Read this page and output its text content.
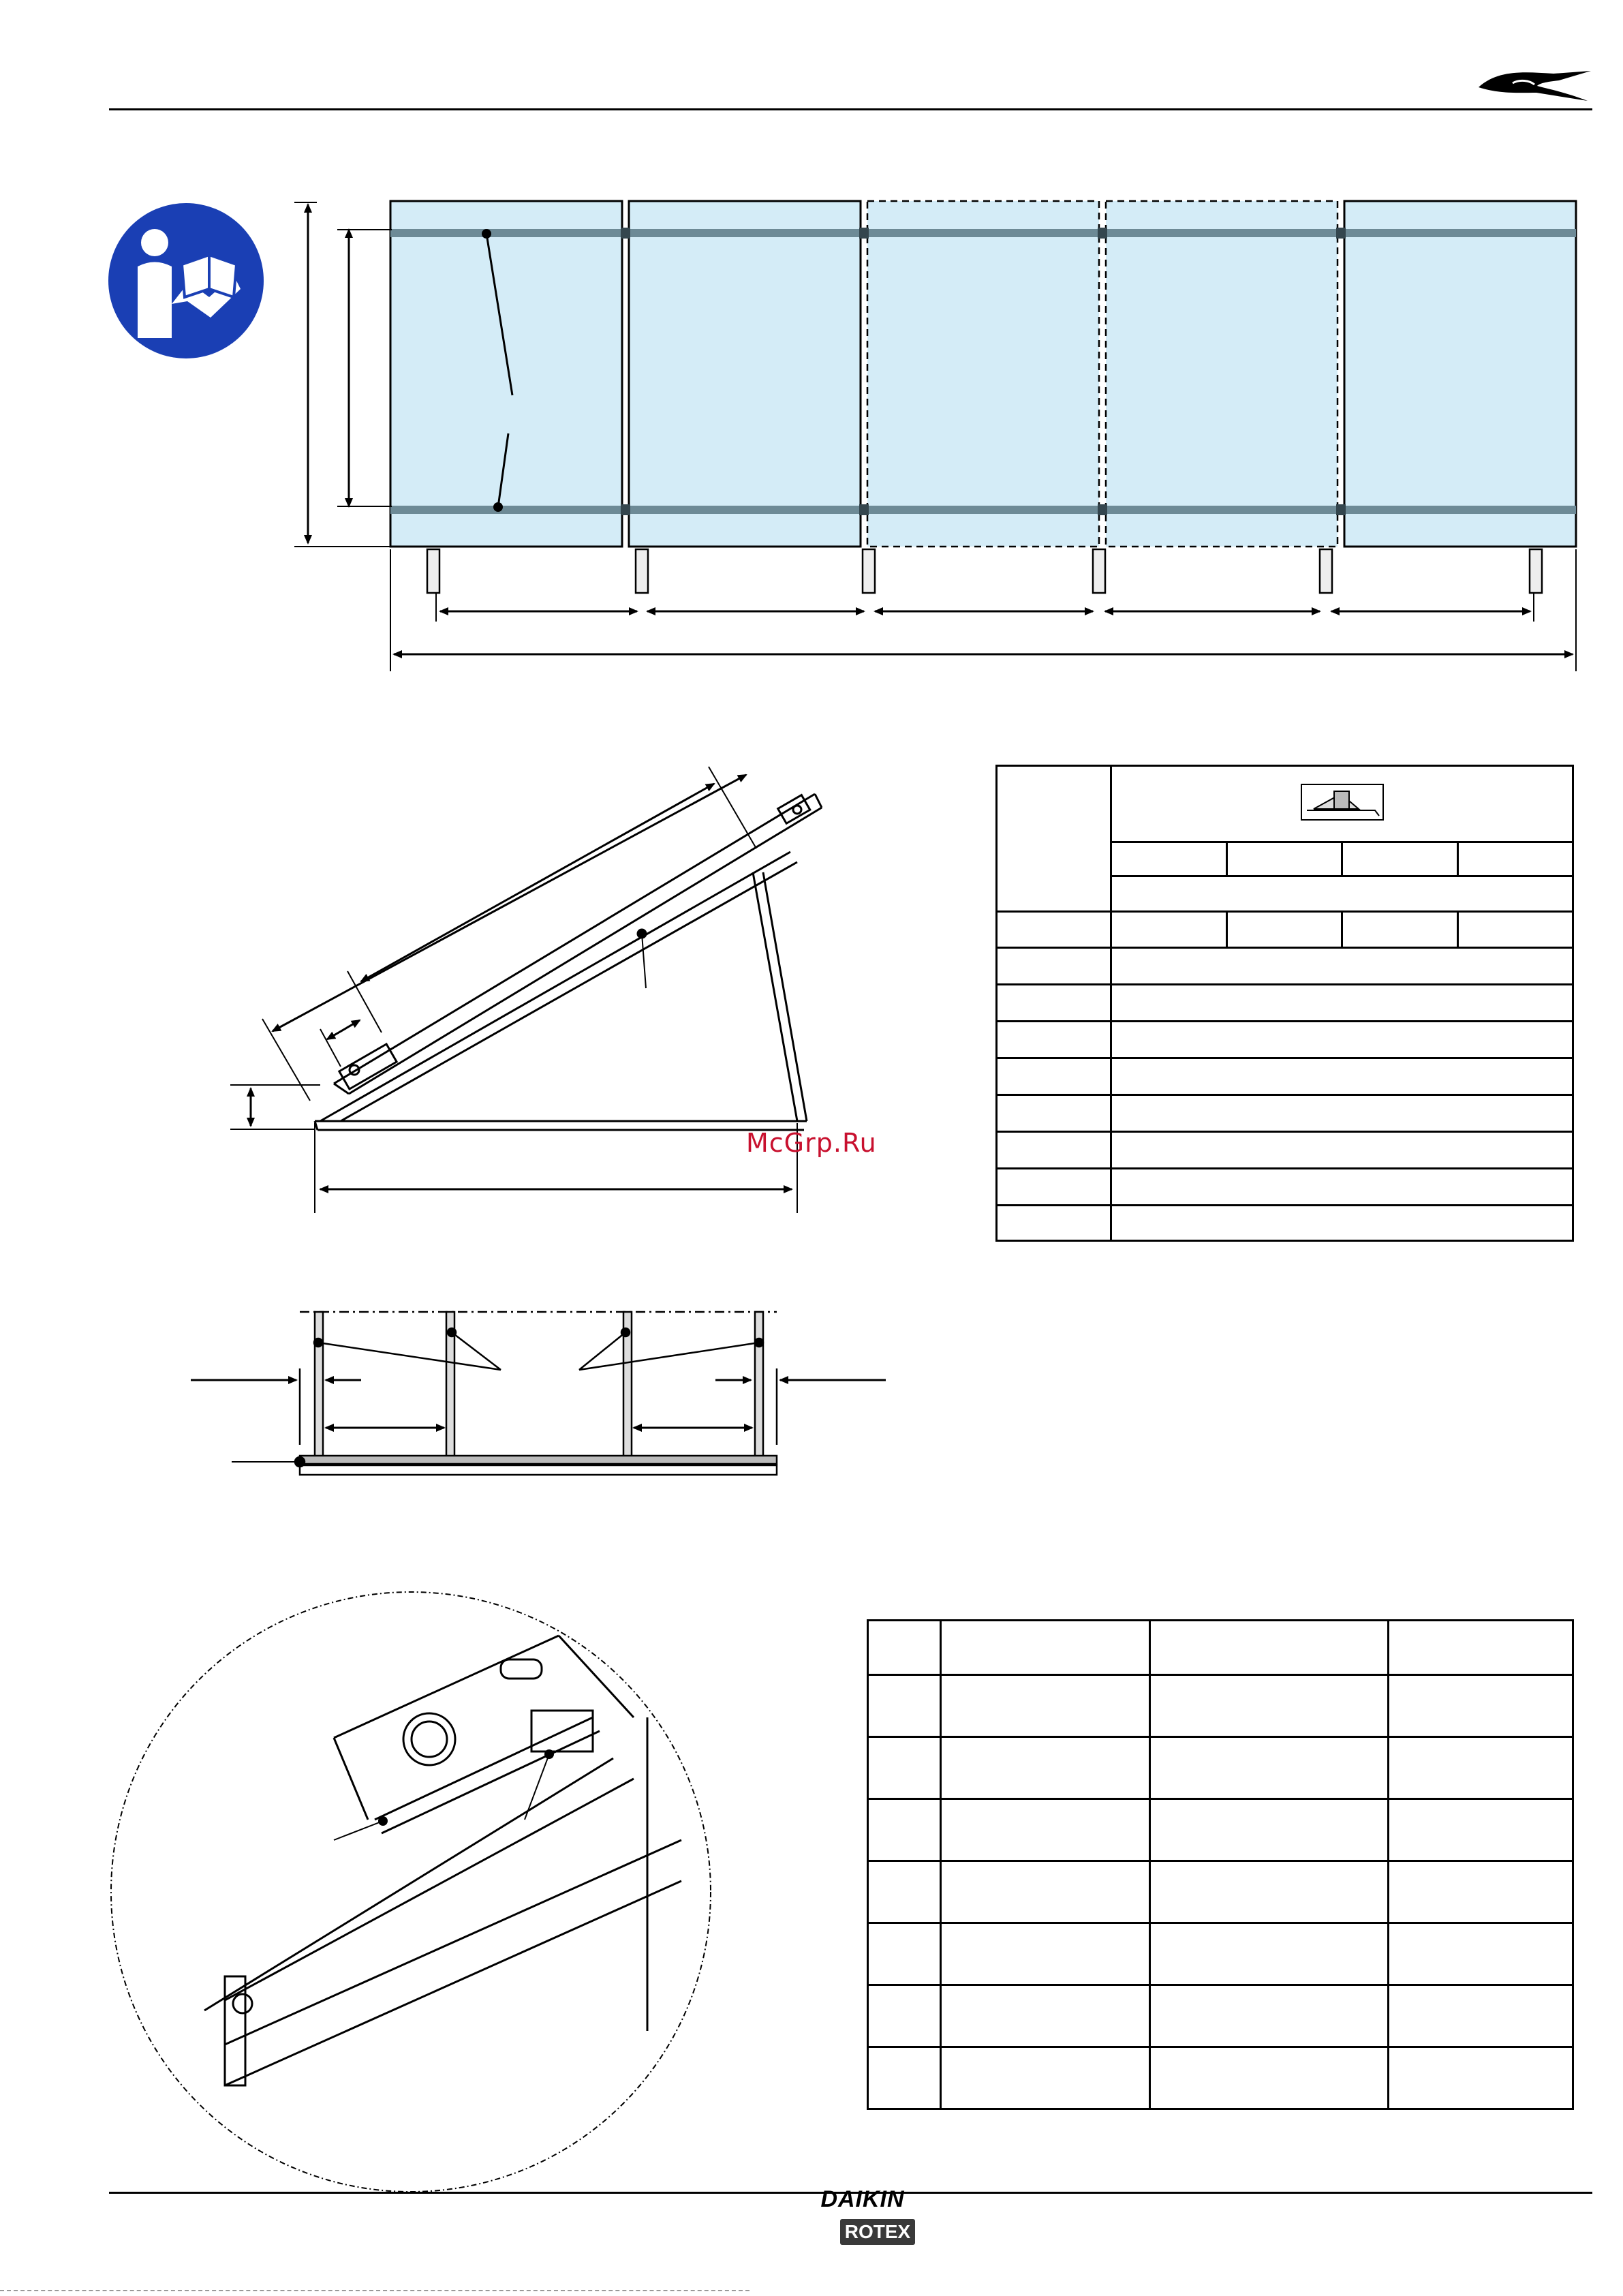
McGrp.Ru
DAIKIN
ROTEX
